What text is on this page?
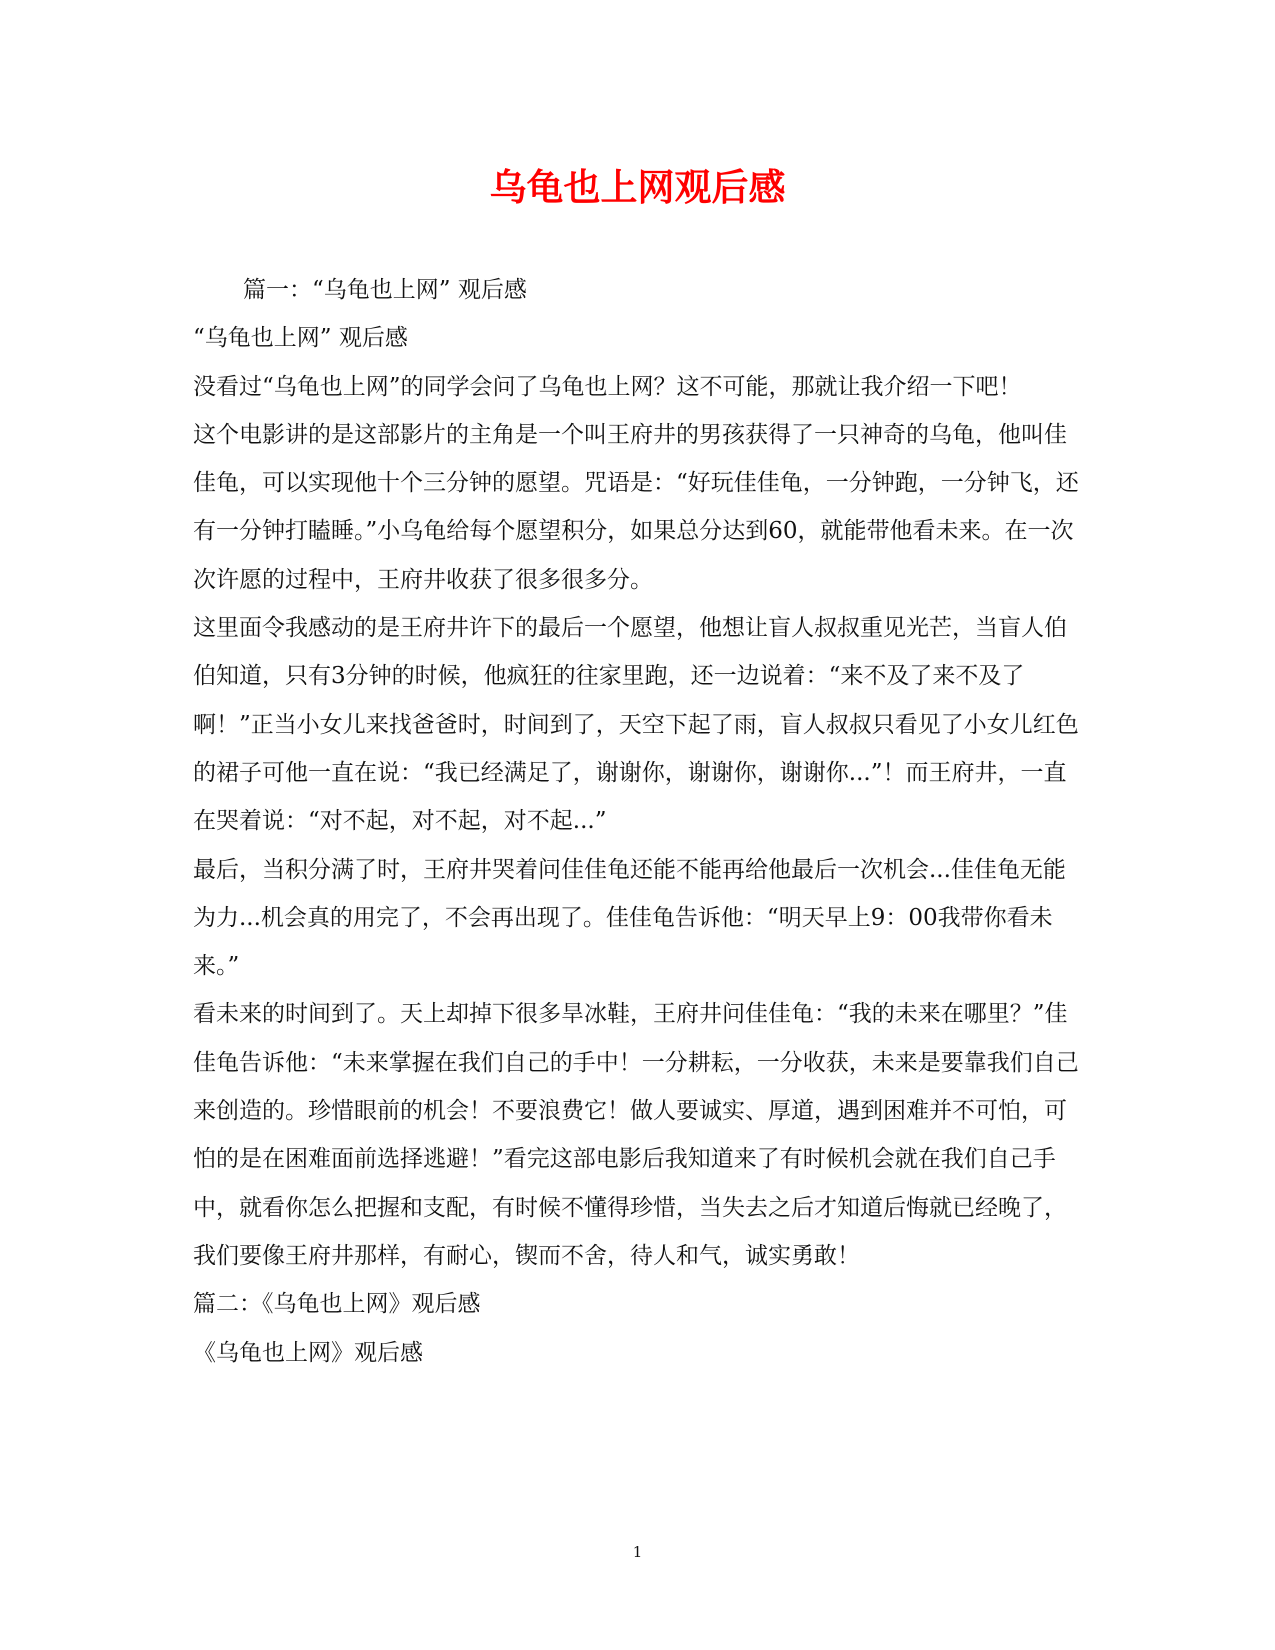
乌龟也上网观后感

篇一：“乌龟也上网” 观后感

“乌龟也上网” 观后感

没看过“乌龟也上网”的同学会问了乌龟也上网？这不可能，那就让我介绍一下吧！

这个电影讲的是这部影片的主角是一个叫王府井的男孩获得了一只神奇的乌龟，他叫佳佳龟，可以实现他十个三分钟的愿望。咒语是：“好玩佳佳龟，一分钟跑，一分钟飞，还有一分钟打瞌睡。”小乌龟给每个愿望积分，如果总分达到60，就能带他看未来。在一次次许愿的过程中，王府井收获了很多很多分。

这里面令我感动的是王府井许下的最后一个愿望，他想让盲人叔叔重见光芒，当盲人伯伯知道，只有3分钟的时候，他疯狂的往家里跑，还一边说着：“来不及了来不及了啊！”正当小女儿来找爸爸时，时间到了，天空下起了雨，盲人叔叔只看见了小女儿红色的裙子可他一直在说：“我已经满足了，谢谢你，谢谢你，谢谢你...”！而王府井，一直在哭着说：“对不起，对不起，对不起...”

最后，当积分满了时，王府井哭着问佳佳龟还能不能再给他最后一次机会...佳佳龟无能为力...机会真的用完了，不会再出现了。佳佳龟告诉他：“明天早上9：00我带你看未来。”

看未来的时间到了。天上却掉下很多旱冰鞋，王府井问佳佳龟：“我的未来在哪里？”佳佳龟告诉他：“未来掌握在我们自己的手中！一分耕耘，一分收获，未来是要靠我们自己来创造的。珍惜眼前的机会！不要浪费它！做人要诚实、厚道，遇到困难并不可怕，可怕的是在困难面前选择逃避！”看完这部电影后我知道来了有时候机会就在我们自己手中，就看你怎么把握和支配，有时候不懂得珍惜，当失去之后才知道后悔就已经晚了，我们要像王府井那样，有耐心，锲而不舍，待人和气，诚实勇敢！

篇二：《乌龟也上网》观后感

《乌龟也上网》观后感

1
